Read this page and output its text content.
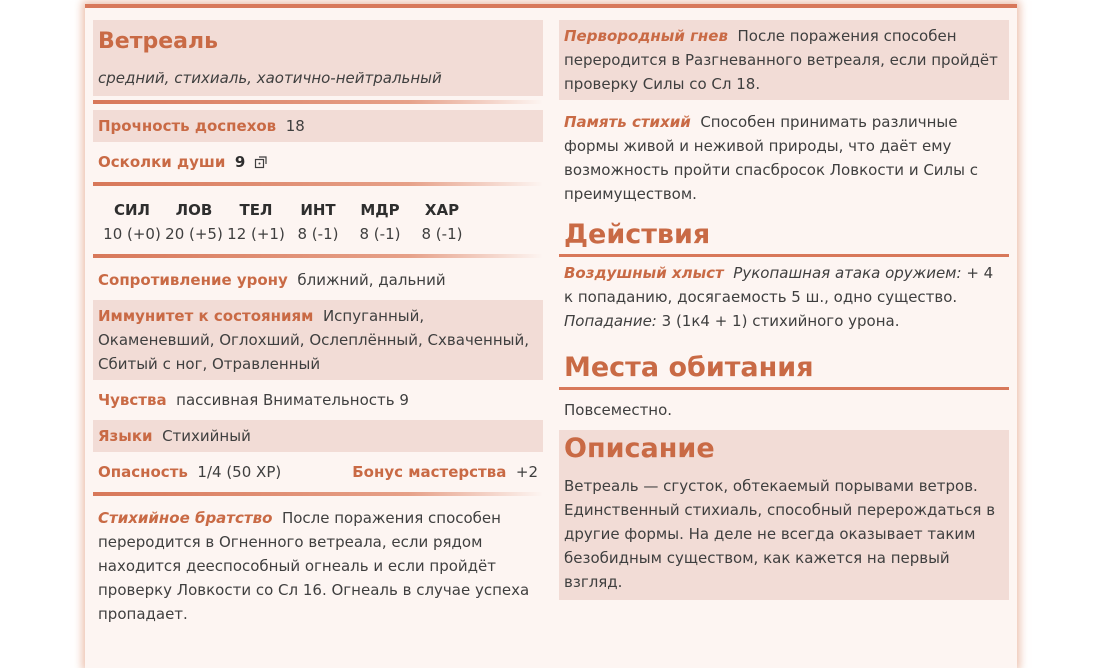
Ветреаль
средний, стихиаль, хаотично-нейтральный
Прочность доспехов 18
Осколки души 9
СИЛ
10 (+0)
ЛОВ
20 (+5)
ТЕЛ
12 (+1)
ИНТ
8 (-1)
МДР
8 (-1)
ХАР
8 (-1)
Сопротивление урону ближний, дальний
Иммунитет к состояниям Испуганный, Окаменевший, Оглохший, Ослеплённый, Схваченный, Сбитый с ног, Отравленный
Чувства пассивная Внимательность 9
Языки Стихийный
Опасность 1/4 (50 XP)	Бонус мастерства +2
Стихийное братство После поражения способен переродится в Огненного ветреала, если рядом находится дееспособный огнеаль и если пройдёт проверку Ловкости со Сл 16. Огнеаль в случае успеха пропадает.
Первородный гнев После поражения способен переродится в Разгневанного ветреаля, если пройдёт проверку Силы со Сл 18.
Память стихий Способен принимать различные формы живой и неживой природы, что даёт ему возможность пройти спасбросок Ловкости и Силы с преимуществом.
Действия
Воздушный хлыст Рукопашная атака оружием: + 4 к попаданию, досягаемость 5 ш., одно существо.
Попадание: 3 (1к4 + 1) стихийного урона.
Места обитания
Повсеместно.
Описание
Ветреаль — сгусток, обтекаемый порывами ветров. Единственный стихиаль, способный перерождаться в другие формы. На деле не всегда оказывает таким безобидным существом, как кажется на первый взгляд.
